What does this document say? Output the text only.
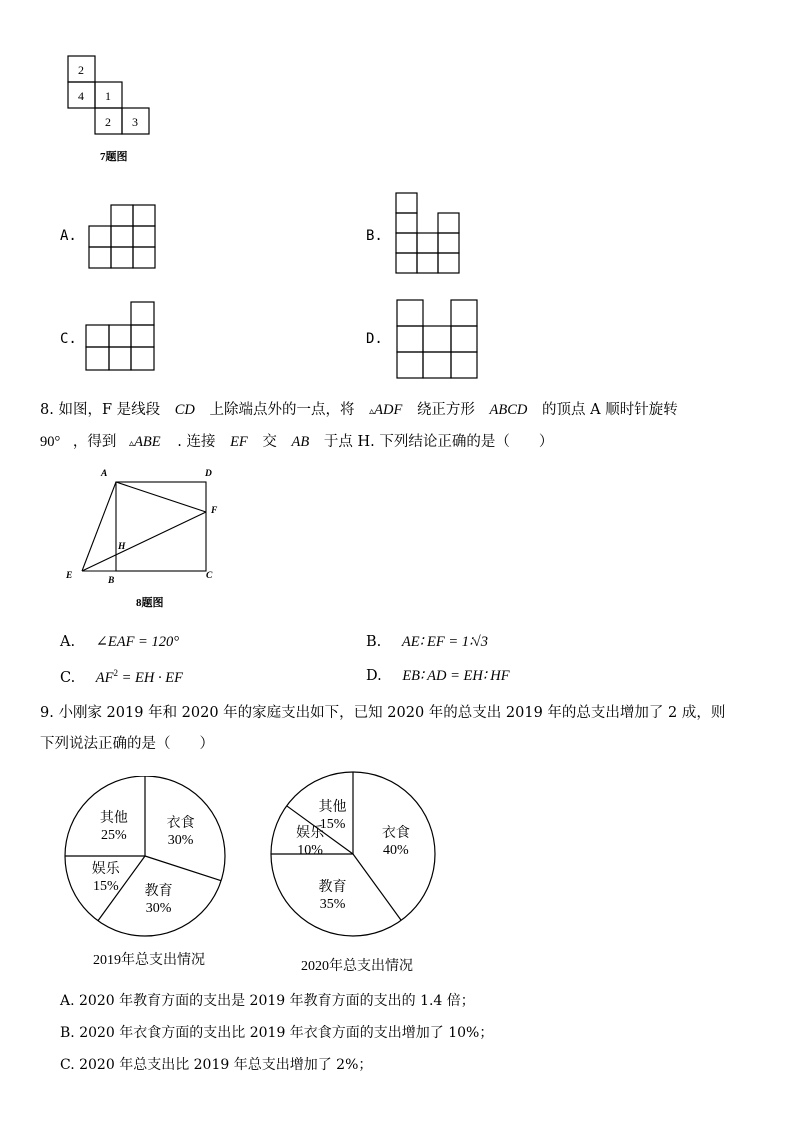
2
4 1
2 3
7题图
A.	B.
C.	D.
8. 如图，F 是线段 CD 上除端点外的一点，将 ▵ADF 绕正方形 ABCD 的顶点 A 顺时针旋转
90° ，得到 ▵ABE . 连接 EF 交 AB 于点 H. 下列结论正确的是（　　）
A	D
F
H
E	B	C
8题图
A. ∠EAF = 120°	B. AE∶ EF = 1∶√3
C. $AF^2$ = EH · EF	D. EB∶ AD = EH∶ HF
9. 小刚家 2019 年和 2020 年的家庭支出如下，已知 2020 年的总支出 2019 年的总支出增加了 2 成，则
下列说法正确的是（　　）
衣食
30%
教育
30%
娱乐
15%
其他
25%	衣食
40%
教育
35%
娱乐
10%
其他
15%
2019年总支出情况	2020年总支出情况
A. 2020 年教育方面的支出是 2019 年教育方面的支出的 1.4 倍；
B. 2020 年衣食方面的支出比 2019 年衣食方面的支出增加了 10%；
C. 2020 年总支出比 2019 年总支出增加了 2%；
